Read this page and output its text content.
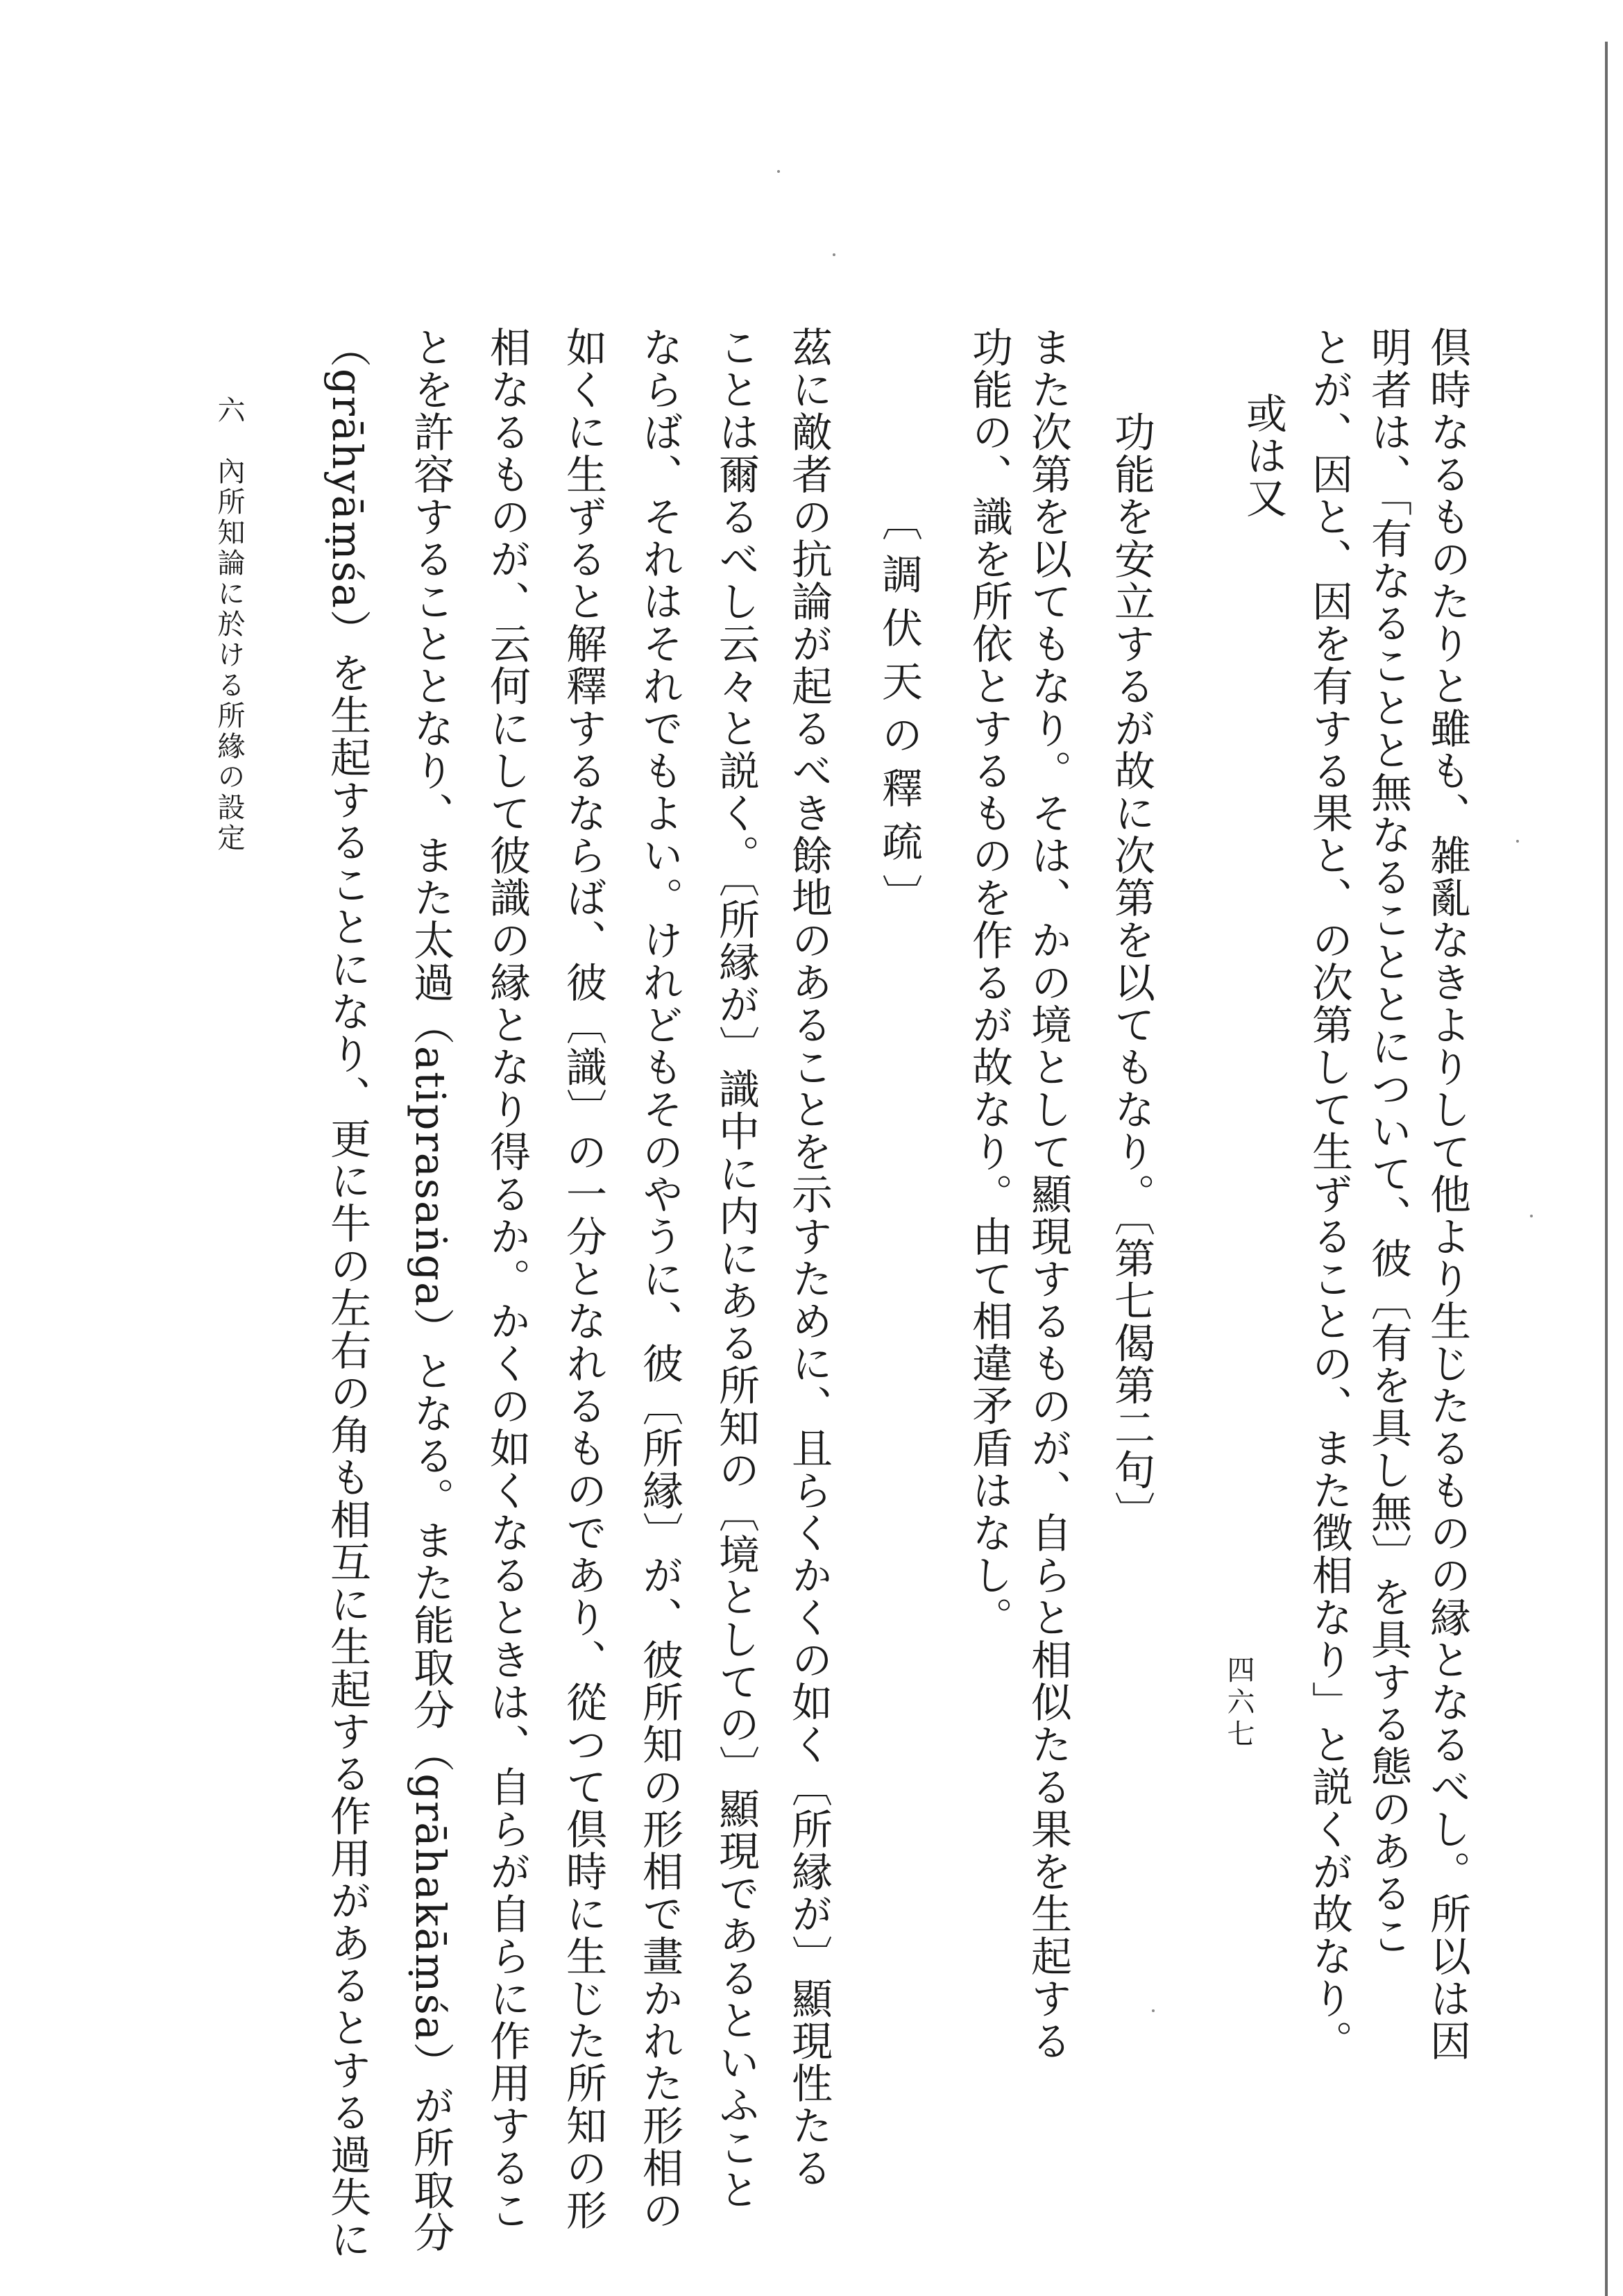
倶時なるものたりと雖も、雑亂なきよりして他より生じたるものの縁となるべし。所以は因
明者は、「有なることと無なることとについて、彼〔有を具し無〕を具する態のあるこ
とが、因と、因を有する果と、の次第して生ずることの、また徴相なり」と説くが故なり。
或は又
　　功能を安立するが故に次第を以てもなり。〔第七偈第二句〕
また次第を以てもなり。そは、かの境として顯現するものが、自らと相似たる果を生起する
功能の、識を所依とするものを作るが故なり。由て相違矛盾はなし。
〔調伏天の釋疏〕
茲に敵者の抗論が起るべき餘地のあることを示すために、且らくかくの如く〔所縁が〕顯現性たる
ことは爾るべし云々と説く。〔所縁が〕識中に内にある所知の〔境としての〕顯現であるといふこと
ならば、それはそれでもよい。けれどもそのやうに、彼〔所縁〕が、彼所知の形相で畫かれた形相の
如くに生ずると解釋するならば、彼〔識〕の一分となれるものであり、從つて倶時に生じた所知の形
相なるものが、云何にして彼識の縁となり得るか。かくの如くなるときは、自らが自らに作用するこ
とを許容することとなり、また太過（atiprasaṅga）となる。また能取分（grāhakāṃśa）が所取分
（grāhyāṃśa）を生起することになり、更に牛の左右の角も相互に生起する作用があるとする過失に
六　內所知論に於ける所緣の設定
四六七
